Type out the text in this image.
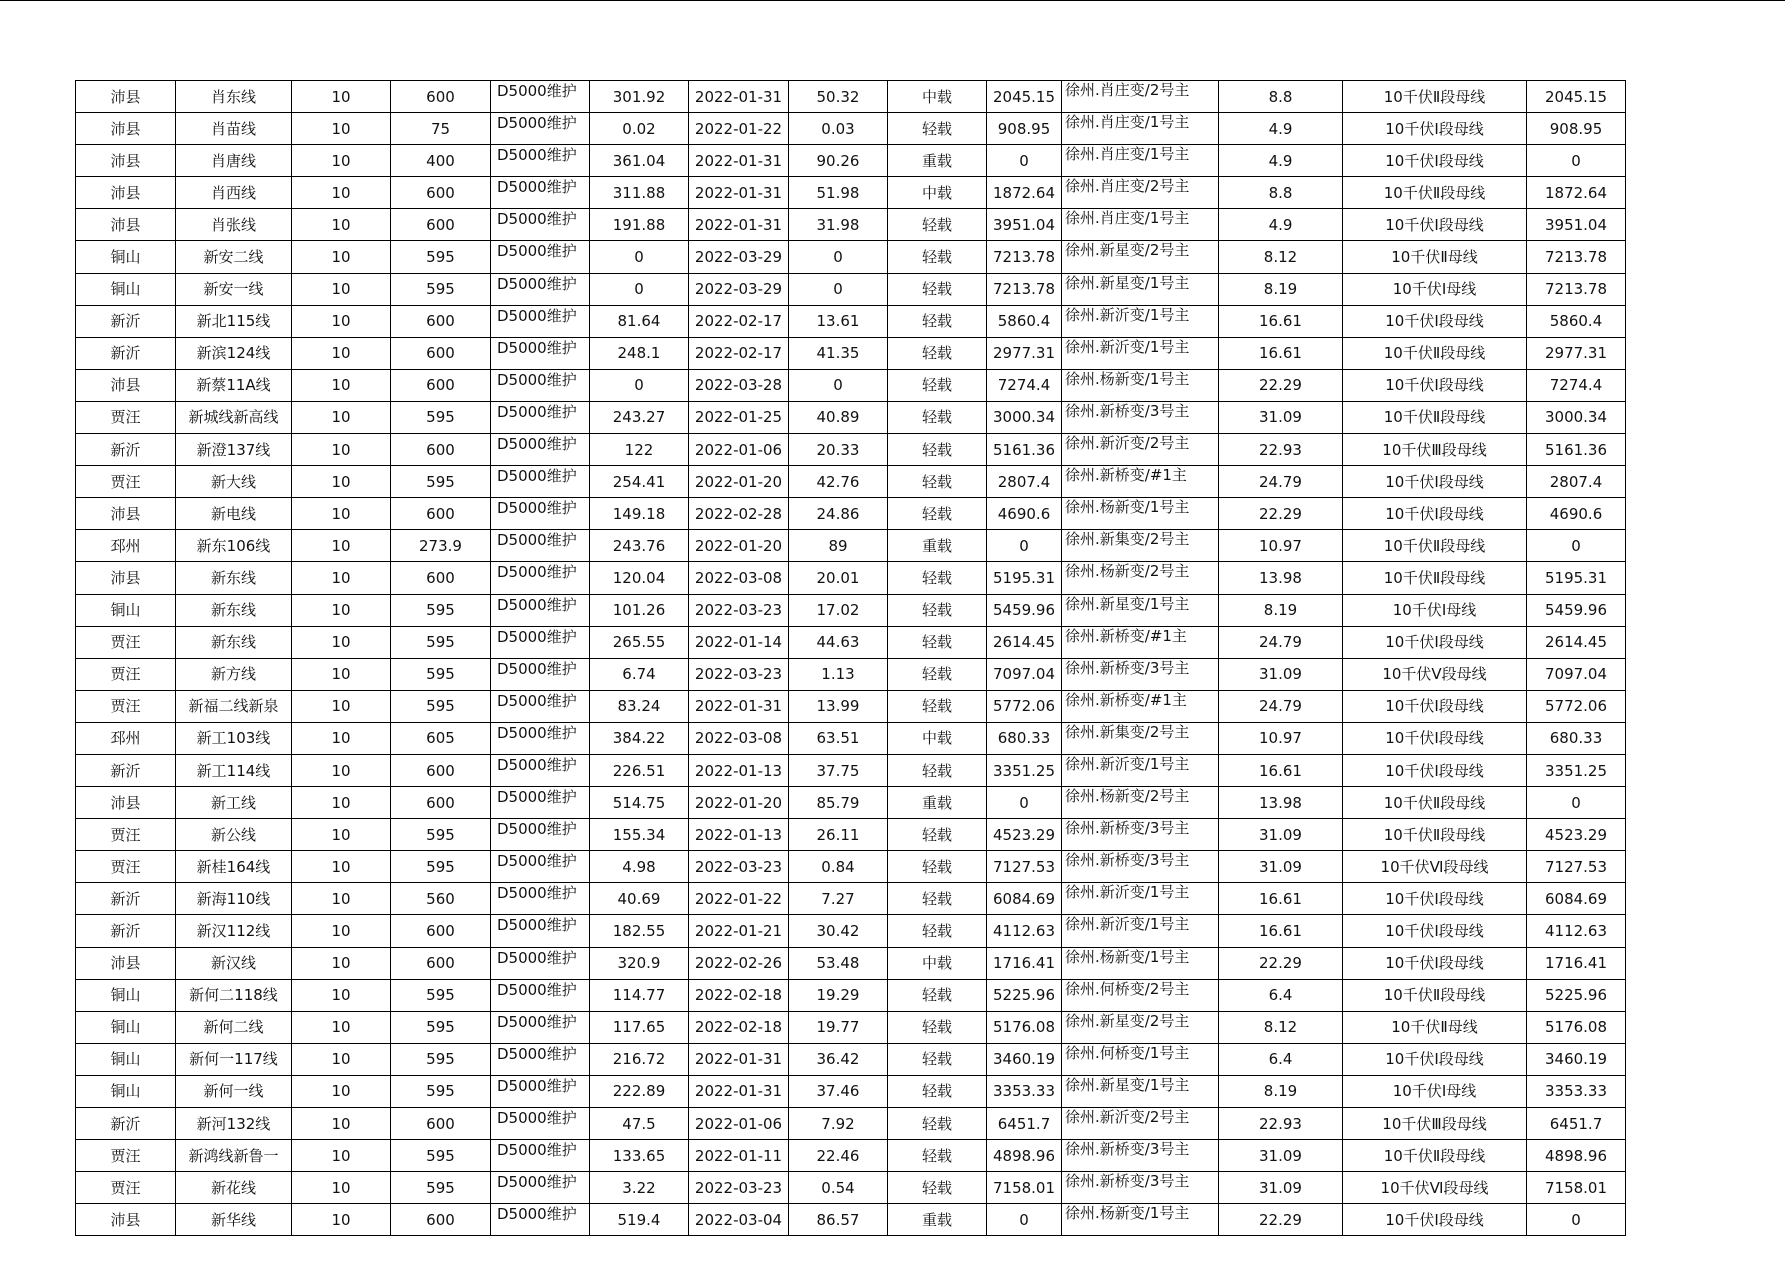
沛县	肖东线	10	600	D5000维护	301.92	2022-01-31	50.32	中载	2045.15	徐州.肖庄变/2号主	8.8	10千伏Ⅱ段母线	2045.15
沛县	肖苗线	10	75	D5000维护	0.02	2022-01-22	0.03	轻载	908.95	徐州.肖庄变/1号主	4.9	10千伏Ⅰ段母线	908.95
沛县	肖唐线	10	400	D5000维护	361.04	2022-01-31	90.26	重载	0	徐州.肖庄变/1号主	4.9	10千伏Ⅰ段母线	0
沛县	肖西线	10	600	D5000维护	311.88	2022-01-31	51.98	中载	1872.64	徐州.肖庄变/2号主	8.8	10千伏Ⅱ段母线	1872.64
沛县	肖张线	10	600	D5000维护	191.88	2022-01-31	31.98	轻载	3951.04	徐州.肖庄变/1号主	4.9	10千伏Ⅰ段母线	3951.04
铜山	新安二线	10	595	D5000维护	0	2022-03-29	0	轻载	7213.78	徐州.新星变/2号主	8.12	10千伏Ⅱ母线	7213.78
铜山	新安一线	10	595	D5000维护	0	2022-03-29	0	轻载	7213.78	徐州.新星变/1号主	8.19	10千伏Ⅰ母线	7213.78
新沂	新北115线	10	600	D5000维护	81.64	2022-02-17	13.61	轻载	5860.4	徐州.新沂变/1号主	16.61	10千伏Ⅰ段母线	5860.4
新沂	新滨124线	10	600	D5000维护	248.1	2022-02-17	41.35	轻载	2977.31	徐州.新沂变/1号主	16.61	10千伏Ⅱ段母线	2977.31
沛县	新蔡11A线	10	600	D5000维护	0	2022-03-28	0	轻载	7274.4	徐州.杨新变/1号主	22.29	10千伏Ⅰ段母线	7274.4
贾汪	新城线新高线	10	595	D5000维护	243.27	2022-01-25	40.89	轻载	3000.34	徐州.新桥变/3号主	31.09	10千伏Ⅱ段母线	3000.34
新沂	新澄137线	10	600	D5000维护	122	2022-01-06	20.33	轻载	5161.36	徐州.新沂变/2号主	22.93	10千伏Ⅲ段母线	5161.36
贾汪	新大线	10	595	D5000维护	254.41	2022-01-20	42.76	轻载	2807.4	徐州.新桥变/#1主	24.79	10千伏Ⅰ段母线	2807.4
沛县	新电线	10	600	D5000维护	149.18	2022-02-28	24.86	轻载	4690.6	徐州.杨新变/1号主	22.29	10千伏Ⅰ段母线	4690.6
邳州	新东106线	10	273.9	D5000维护	243.76	2022-01-20	89	重载	0	徐州.新集变/2号主	10.97	10千伏Ⅱ段母线	0
沛县	新东线	10	600	D5000维护	120.04	2022-03-08	20.01	轻载	5195.31	徐州.杨新变/2号主	13.98	10千伏Ⅱ段母线	5195.31
铜山	新东线	10	595	D5000维护	101.26	2022-03-23	17.02	轻载	5459.96	徐州.新星变/1号主	8.19	10千伏Ⅰ母线	5459.96
贾汪	新东线	10	595	D5000维护	265.55	2022-01-14	44.63	轻载	2614.45	徐州.新桥变/#1主	24.79	10千伏Ⅰ段母线	2614.45
贾汪	新方线	10	595	D5000维护	6.74	2022-03-23	1.13	轻载	7097.04	徐州.新桥变/3号主	31.09	10千伏Ⅴ段母线	7097.04
贾汪	新福二线新泉	10	595	D5000维护	83.24	2022-01-31	13.99	轻载	5772.06	徐州.新桥变/#1主	24.79	10千伏Ⅰ段母线	5772.06
邳州	新工103线	10	605	D5000维护	384.22	2022-03-08	63.51	中载	680.33	徐州.新集变/2号主	10.97	10千伏Ⅰ段母线	680.33
新沂	新工114线	10	600	D5000维护	226.51	2022-01-13	37.75	轻载	3351.25	徐州.新沂变/1号主	16.61	10千伏Ⅰ段母线	3351.25
沛县	新工线	10	600	D5000维护	514.75	2022-01-20	85.79	重载	0	徐州.杨新变/2号主	13.98	10千伏Ⅱ段母线	0
贾汪	新公线	10	595	D5000维护	155.34	2022-01-13	26.11	轻载	4523.29	徐州.新桥变/3号主	31.09	10千伏Ⅱ段母线	4523.29
贾汪	新桂164线	10	595	D5000维护	4.98	2022-03-23	0.84	轻载	7127.53	徐州.新桥变/3号主	31.09	10千伏Ⅵ段母线	7127.53
新沂	新海110线	10	560	D5000维护	40.69	2022-01-22	7.27	轻载	6084.69	徐州.新沂变/1号主	16.61	10千伏Ⅰ段母线	6084.69
新沂	新汉112线	10	600	D5000维护	182.55	2022-01-21	30.42	轻载	4112.63	徐州.新沂变/1号主	16.61	10千伏Ⅰ段母线	4112.63
沛县	新汉线	10	600	D5000维护	320.9	2022-02-26	53.48	中载	1716.41	徐州.杨新变/1号主	22.29	10千伏Ⅰ段母线	1716.41
铜山	新何二118线	10	595	D5000维护	114.77	2022-02-18	19.29	轻载	5225.96	徐州.何桥变/2号主	6.4	10千伏Ⅱ段母线	5225.96
铜山	新何二线	10	595	D5000维护	117.65	2022-02-18	19.77	轻载	5176.08	徐州.新星变/2号主	8.12	10千伏Ⅱ母线	5176.08
铜山	新何一117线	10	595	D5000维护	216.72	2022-01-31	36.42	轻载	3460.19	徐州.何桥变/1号主	6.4	10千伏Ⅰ段母线	3460.19
铜山	新何一线	10	595	D5000维护	222.89	2022-01-31	37.46	轻载	3353.33	徐州.新星变/1号主	8.19	10千伏Ⅰ母线	3353.33
新沂	新河132线	10	600	D5000维护	47.5	2022-01-06	7.92	轻载	6451.7	徐州.新沂变/2号主	22.93	10千伏Ⅲ段母线	6451.7
贾汪	新鸿线新鲁一	10	595	D5000维护	133.65	2022-01-11	22.46	轻载	4898.96	徐州.新桥变/3号主	31.09	10千伏Ⅱ段母线	4898.96
贾汪	新花线	10	595	D5000维护	3.22	2022-03-23	0.54	轻载	7158.01	徐州.新桥变/3号主	31.09	10千伏Ⅵ段母线	7158.01
沛县	新华线	10	600	D5000维护	519.4	2022-03-04	86.57	重载	0	徐州.杨新变/1号主	22.29	10千伏Ⅰ段母线	0
